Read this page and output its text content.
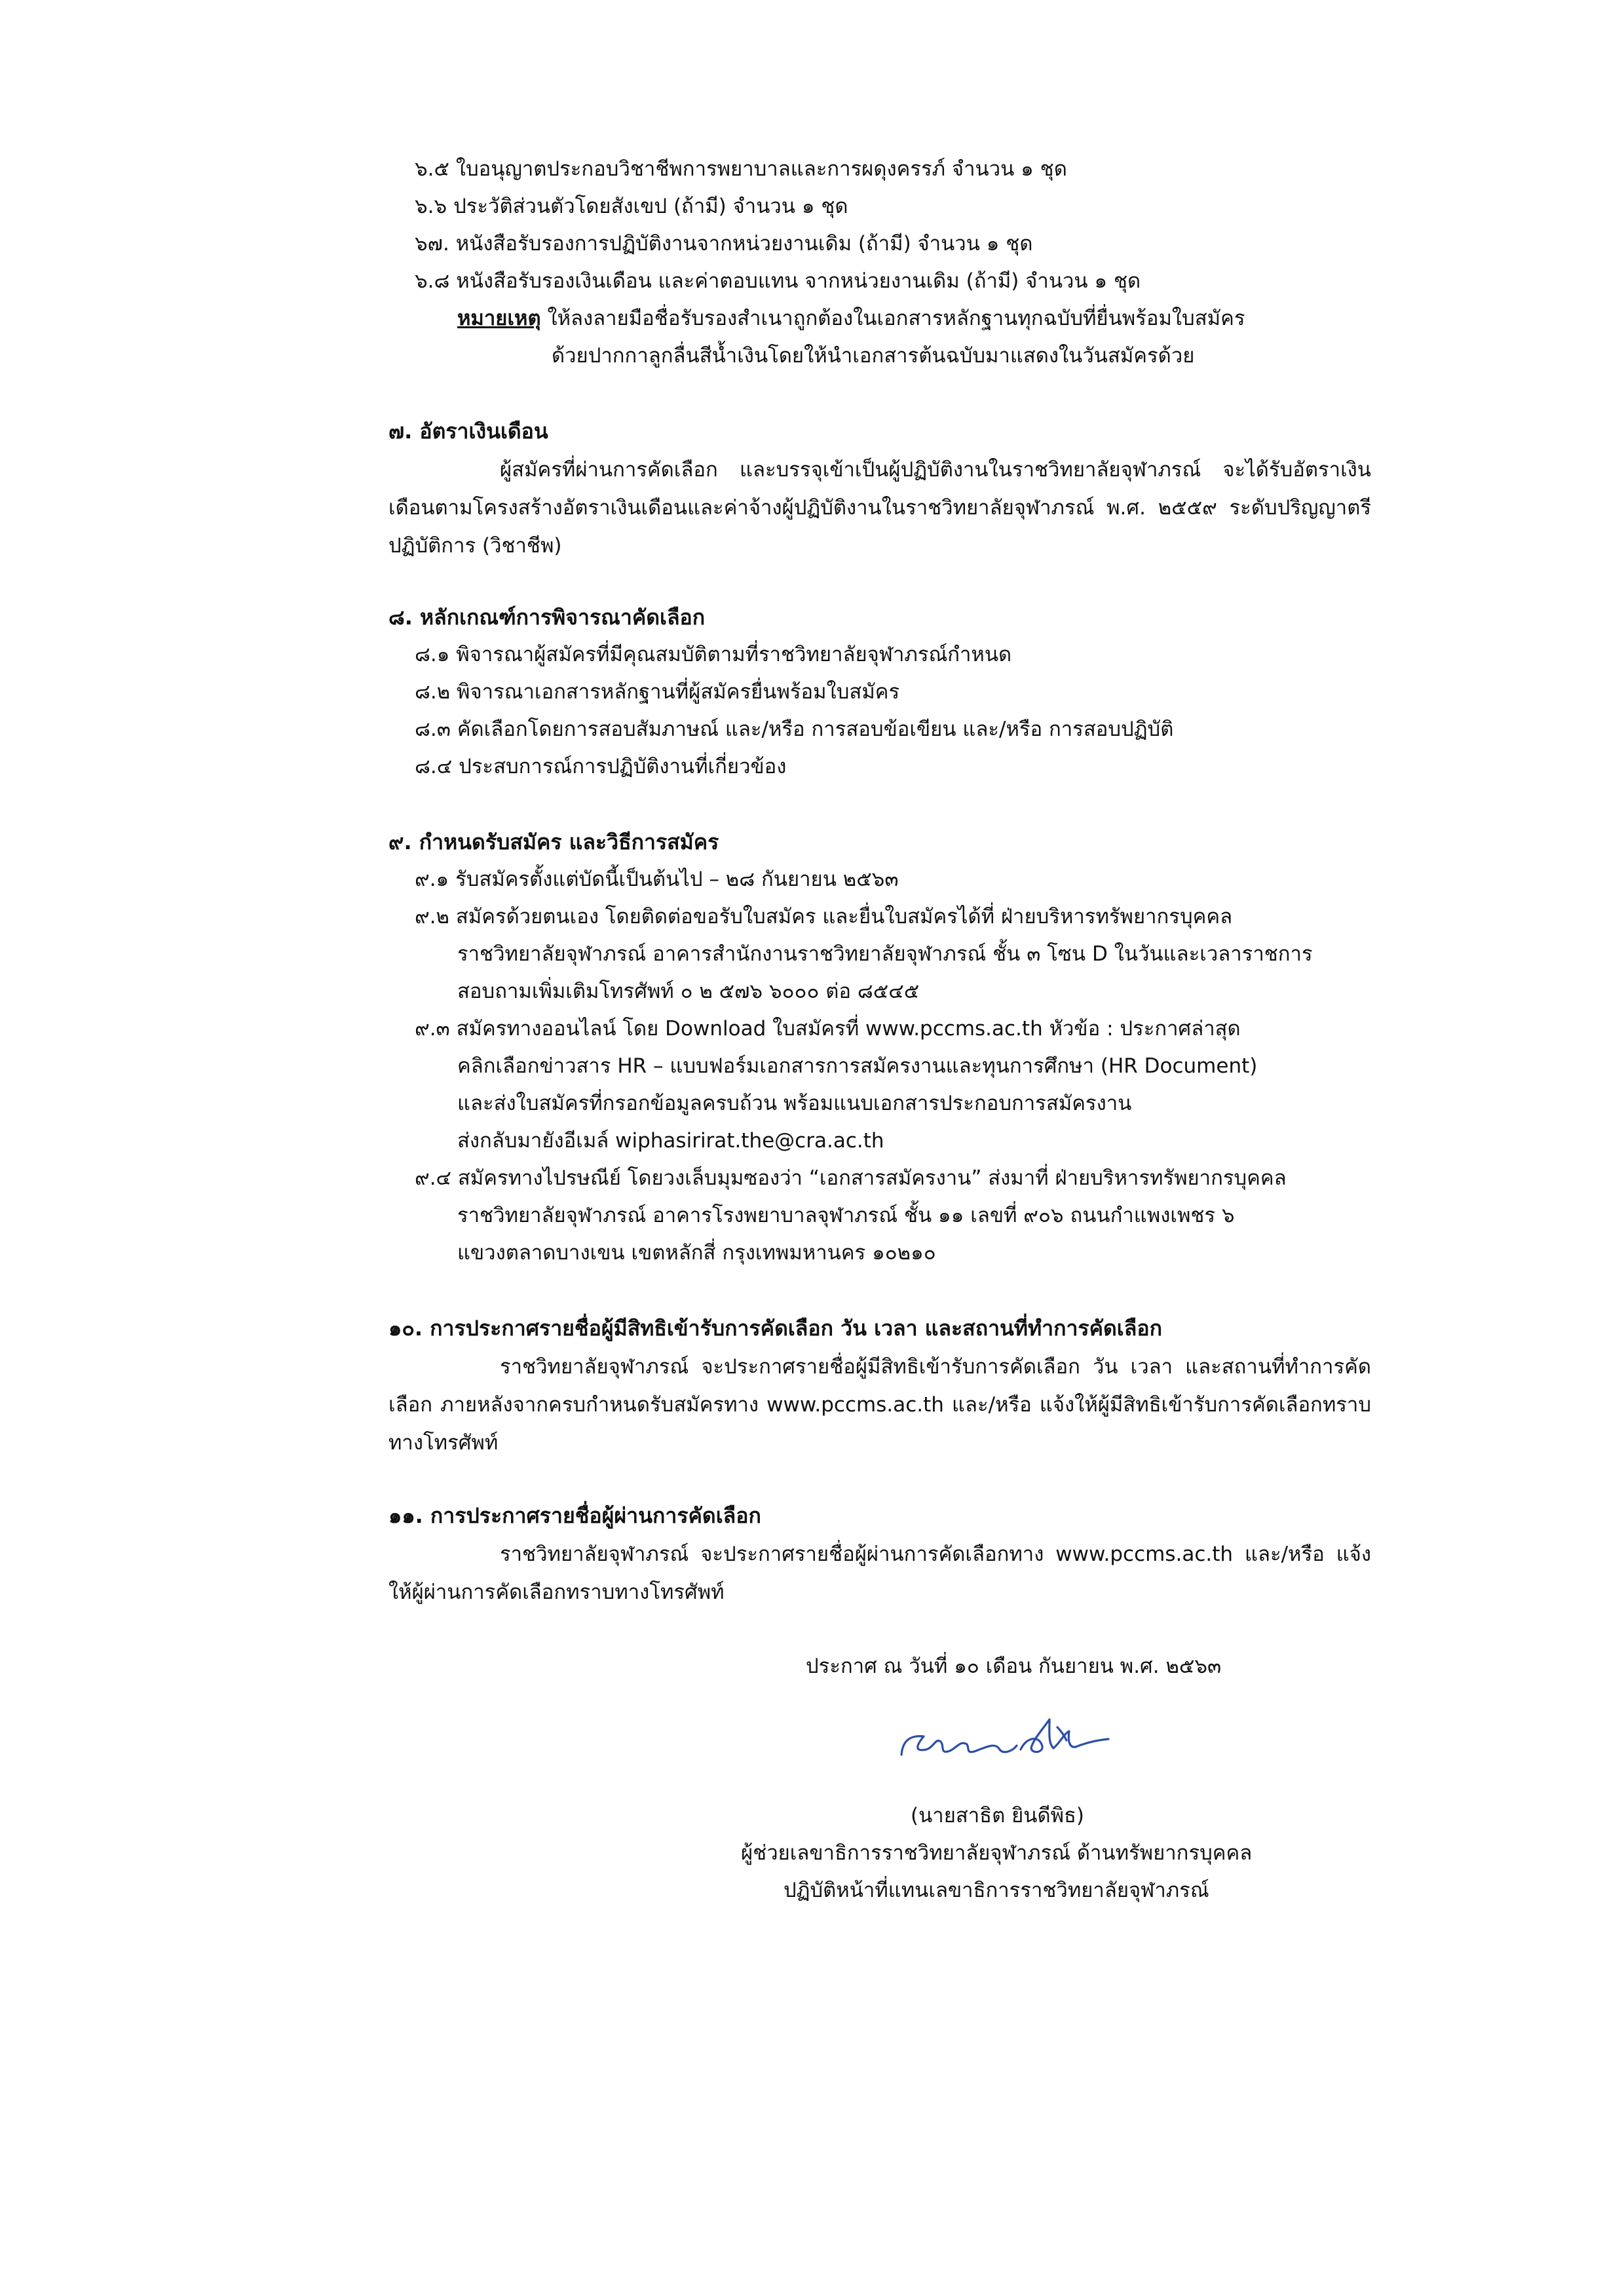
๖.๕ ใบอนุญาตประกอบวิชาชีพการพยาบาลและการผดุงครรภ์ จำนวน ๑ ชุด
๖.๖ ประวัติส่วนตัวโดยสังเขป (ถ้ามี) จำนวน ๑ ชุด
๖๗. หนังสือรับรองการปฏิบัติงานจากหน่วยงานเดิม (ถ้ามี) จำนวน ๑ ชุด
๖.๘ หนังสือรับรองเงินเดือน และค่าตอบแทน จากหน่วยงานเดิม (ถ้ามี) จำนวน ๑ ชุด
หมายเหตุ ให้ลงลายมือชื่อรับรองสำเนาถูกต้องในเอกสารหลักฐานทุกฉบับที่ยื่นพร้อมใบสมัคร
ด้วยปากกาลูกลื่นสีน้ำเงินโดยให้นำเอกสารต้นฉบับมาแสดงในวันสมัครด้วย
๗. อัตราเงินเดือน
ผู้สมัครที่ผ่านการคัดเลือก และบรรจุเข้าเป็นผู้ปฏิบัติงานในราชวิทยาลัยจุฬาภรณ์ จะได้รับอัตราเงินเดือนตามโครงสร้างอัตราเงินเดือนและค่าจ้างผู้ปฏิบัติงานในราชวิทยาลัยจุฬาภรณ์ พ.ศ. ๒๕๕๙ ระดับปริญญาตรี ปฏิบัติการ (วิชาชีพ)
๘. หลักเกณฑ์การพิจารณาคัดเลือก
๘.๑ พิจารณาผู้สมัครที่มีคุณสมบัติตามที่ราชวิทยาลัยจุฬาภรณ์กำหนด
๘.๒ พิจารณาเอกสารหลักฐานที่ผู้สมัครยื่นพร้อมใบสมัคร
๘.๓ คัดเลือกโดยการสอบสัมภาษณ์ และ/หรือ การสอบข้อเขียน และ/หรือ การสอบปฏิบัติ
๘.๔ ประสบการณ์การปฏิบัติงานที่เกี่ยวข้อง
๙. กำหนดรับสมัคร และวิธีการสมัคร
๙.๑ รับสมัครตั้งแต่บัดนี้เป็นต้นไป – ๒๘ กันยายน ๒๕๖๓
๙.๒ สมัครด้วยตนเอง โดยติดต่อขอรับใบสมัคร และยื่นใบสมัครได้ที่ ฝ่ายบริหารทรัพยากรบุคคล
ราชวิทยาลัยจุฬาภรณ์ อาคารสำนักงานราชวิทยาลัยจุฬาภรณ์ ชั้น ๓ โซน D ในวันและเวลาราชการ
สอบถามเพิ่มเติมโทรศัพท์ ๐ ๒ ๕๗๖ ๖๐๐๐ ต่อ ๘๕๔๕
๙.๓ สมัครทางออนไลน์ โดย Download ใบสมัครที่ www.pccms.ac.th หัวข้อ : ประกาศล่าสุด
คลิกเลือกข่าวสาร HR – แบบฟอร์มเอกสารการสมัครงานและทุนการศึกษา (HR Document)
และส่งใบสมัครที่กรอกข้อมูลครบถ้วน พร้อมแนบเอกสารประกอบการสมัครงาน
ส่งกลับมายังอีเมล์ wiphasirirat.the@cra.ac.th
๙.๔ สมัครทางไปรษณีย์ โดยวงเล็บมุมซองว่า “เอกสารสมัครงาน” ส่งมาที่ ฝ่ายบริหารทรัพยากรบุคคล
ราชวิทยาลัยจุฬาภรณ์ อาคารโรงพยาบาลจุฬาภรณ์ ชั้น ๑๑ เลขที่ ๙๐๖ ถนนกำแพงเพชร ๖
แขวงตลาดบางเขน เขตหลักสี่ กรุงเทพมหานคร ๑๐๒๑๐
๑๐. การประกาศรายชื่อผู้มีสิทธิเข้ารับการคัดเลือก วัน เวลา และสถานที่ทำการคัดเลือก
ราชวิทยาลัยจุฬาภรณ์ จะประกาศรายชื่อผู้มีสิทธิเข้ารับการคัดเลือก วัน เวลา และสถานที่ทำการคัดเลือก ภายหลังจากครบกำหนดรับสมัครทาง www.pccms.ac.th และ/หรือ แจ้งให้ผู้มีสิทธิเข้ารับการคัดเลือกทราบทางโทรศัพท์
๑๑. การประกาศรายชื่อผู้ผ่านการคัดเลือก
ราชวิทยาลัยจุฬาภรณ์ จะประกาศรายชื่อผู้ผ่านการคัดเลือกทาง www.pccms.ac.th และ/หรือ แจ้งให้ผู้ผ่านการคัดเลือกทราบทางโทรศัพท์
ประกาศ ณ วันที่ ๑๐ เดือน กันยายน พ.ศ. ๒๕๖๓
(นายสาธิต ยินดีพิธ)
ผู้ช่วยเลขาธิการราชวิทยาลัยจุฬาภรณ์ ด้านทรัพยากรบุคคล
ปฏิบัติหน้าที่แทนเลขาธิการราชวิทยาลัยจุฬาภรณ์
